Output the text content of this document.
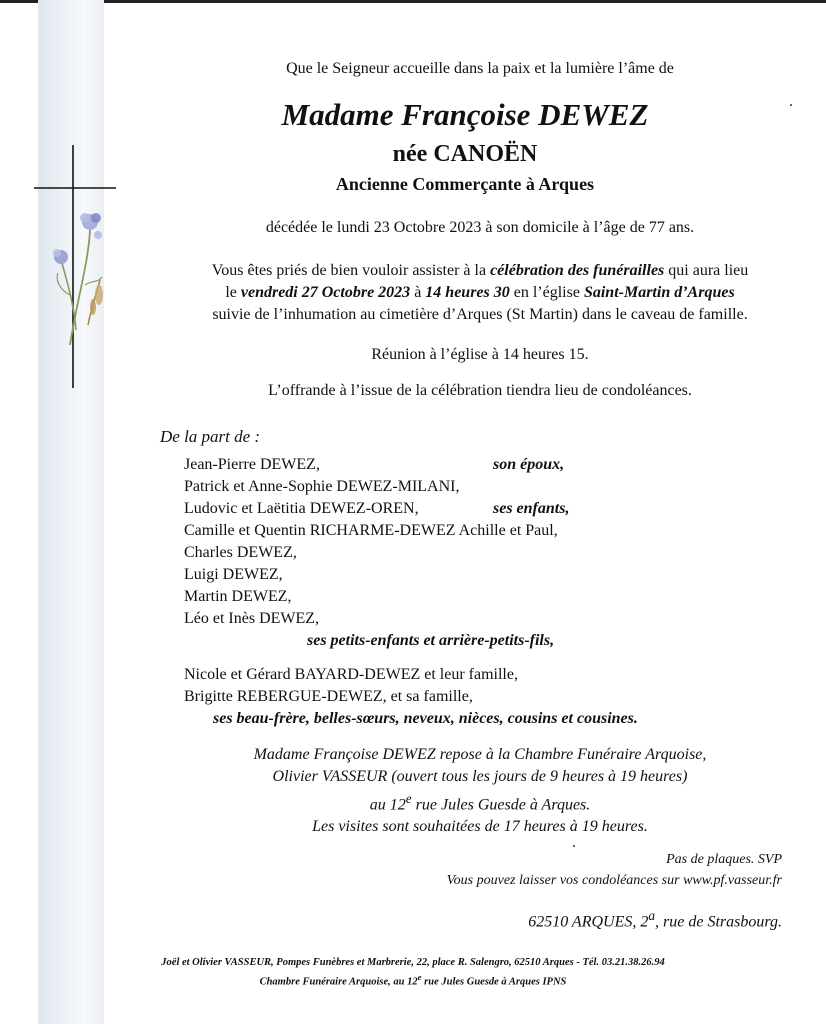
Que le Seigneur accueille dans la paix et la lumière l’âme de
Madame Françoise DEWEZ
née CANOËN
Ancienne Commerçante à Arques
décédée le lundi 23 Octobre 2023 à son domicile à l’âge de 77 ans.
Vous êtes priés de bien vouloir assister à la célébration des funérailles qui aura lieu
le vendredi 27 Octobre 2023 à 14 heures 30 en l’église Saint-Martin d’Arques
suivie de l’inhumation au cimetière d’Arques (St Martin) dans le caveau de famille.
Réunion à l’église à 14 heures 15.
L’offrande à l’issue de la célébration tiendra lieu de condoléances.
De la part de :
Jean-Pierre DEWEZ,	son époux,
Patrick et Anne-Sophie DEWEZ-MILANI,
Ludovic et Laëtitia DEWEZ-OREN,	ses enfants,
Camille et Quentin RICHARME-DEWEZ Achille et Paul,
Charles DEWEZ,
Luigi DEWEZ,
Martin DEWEZ,
Léo et Inès DEWEZ,
ses petits-enfants et arrière-petits-fils,
Nicole et Gérard BAYARD-DEWEZ et leur famille,
Brigitte REBERGUE-DEWEZ, et sa famille,
ses beau-frère, belles-sœurs, neveux, nièces, cousins et cousines.
Madame Françoise DEWEZ repose à la Chambre Funéraire Arquoise,
Olivier VASSEUR (ouvert tous les jours de 9 heures à 19 heures)
au 12e rue Jules Guesde à Arques.
Les visites sont souhaitées de 17 heures à 19 heures.
Pas de plaques. SVP
Vous pouvez laisser vos condoléances sur www.pf.vasseur.fr
62510 ARQUES, 2$^a$, rue de Strasbourg.
Joël et Olivier VASSEUR, Pompes Funèbres et Marbrerie, 22, place R. Salengro, 62510 Arques - Tél. 03.21.38.26.94
Chambre Funéraire Arquoise, au 12e rue Jules Guesde à Arques IPNS
